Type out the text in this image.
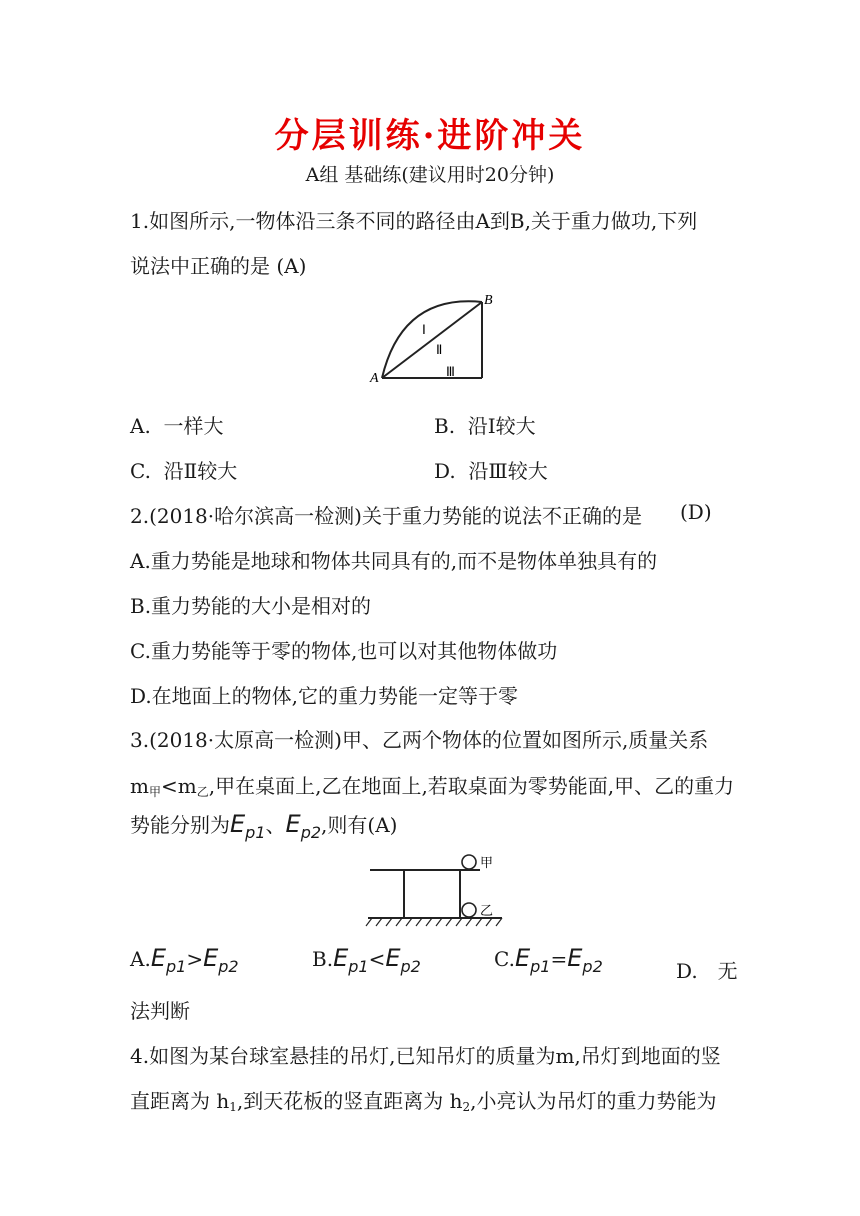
分层训练·进阶冲关
A组 基础练(建议用时20分钟)
1.如图所示,一物体沿三条不同的路径由A到B,关于重力做功,下列
说法中正确的是 (A)
A
B
Ⅰ
Ⅱ
Ⅲ
A. 一样大	B. 沿Ⅰ较大
C. 沿Ⅱ较大	D. 沿Ⅲ较大
2.(2018·哈尔滨高一检测)关于重力势能的说法不正确的是 (D)
A.重力势能是地球和物体共同具有的,而不是物体单独具有的
B.重力势能的大小是相对的
C.重力势能等于零的物体,也可以对其他物体做功
D.在地面上的物体,它的重力势能一定等于零
3.(2018·太原高一检测)甲、乙两个物体的位置如图所示,质量关系
$m_甲<m_乙$,甲在桌面上,乙在地面上,若取桌面为零势能面,甲、乙的重力
势能分别为$E_{p1}$、$E_{p2}$,则有(A)
甲
乙
$A.E_{p1}>E_{p2}$	$B.E_{p1}<E_{p2}$	$C.E_{p1}=E_{p2}$	D.　无
法判断
4.如图为某台球室悬挂的吊灯,已知吊灯的质量为m,吊灯到地面的竖
直距离为 $h_1$,到天花板的竖直距离为 $h_2$,小亮认为吊灯的重力势能为
